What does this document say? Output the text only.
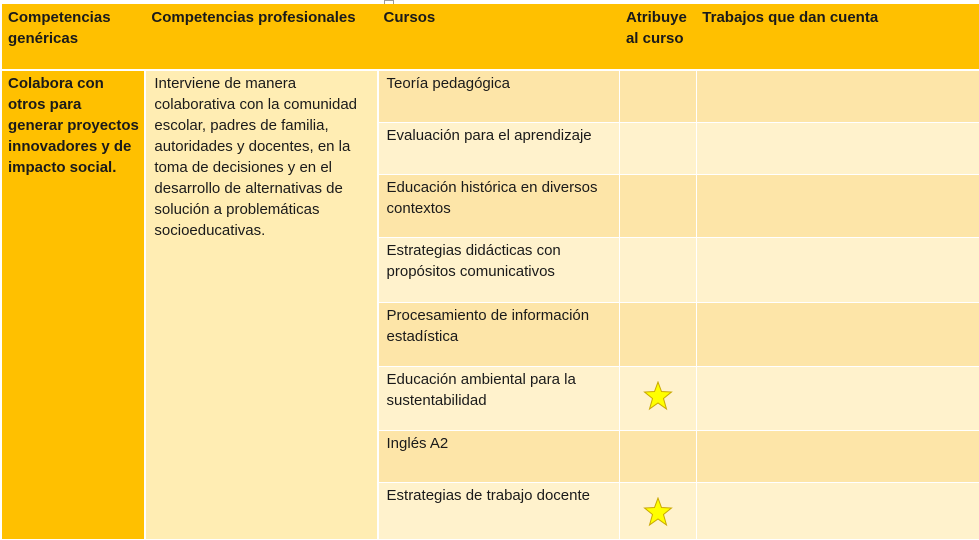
Competencias genéricas	Competencias profesionales	Cursos	Atribuye al curso	Trabajos que dan cuenta
Colabora con otros para generar proyectos innovadores y de impacto social.	Interviene de manera colaborativa con la comunidad escolar, padres de familia, autoridades y docentes, en la toma de decisiones y en el desarrollo de alternativas de solución a problemáticas socioeducativas.	Teoría pedagógica		
		Evaluación para el aprendizaje		
		Educación histórica en diversos contextos		
		Estrategias didácticas con propósitos comunicativos		
		Procesamiento de información estadística		
		Educación ambiental para la sustentabilidad	

		Inglés A2		
		Estrategias de trabajo docente	
